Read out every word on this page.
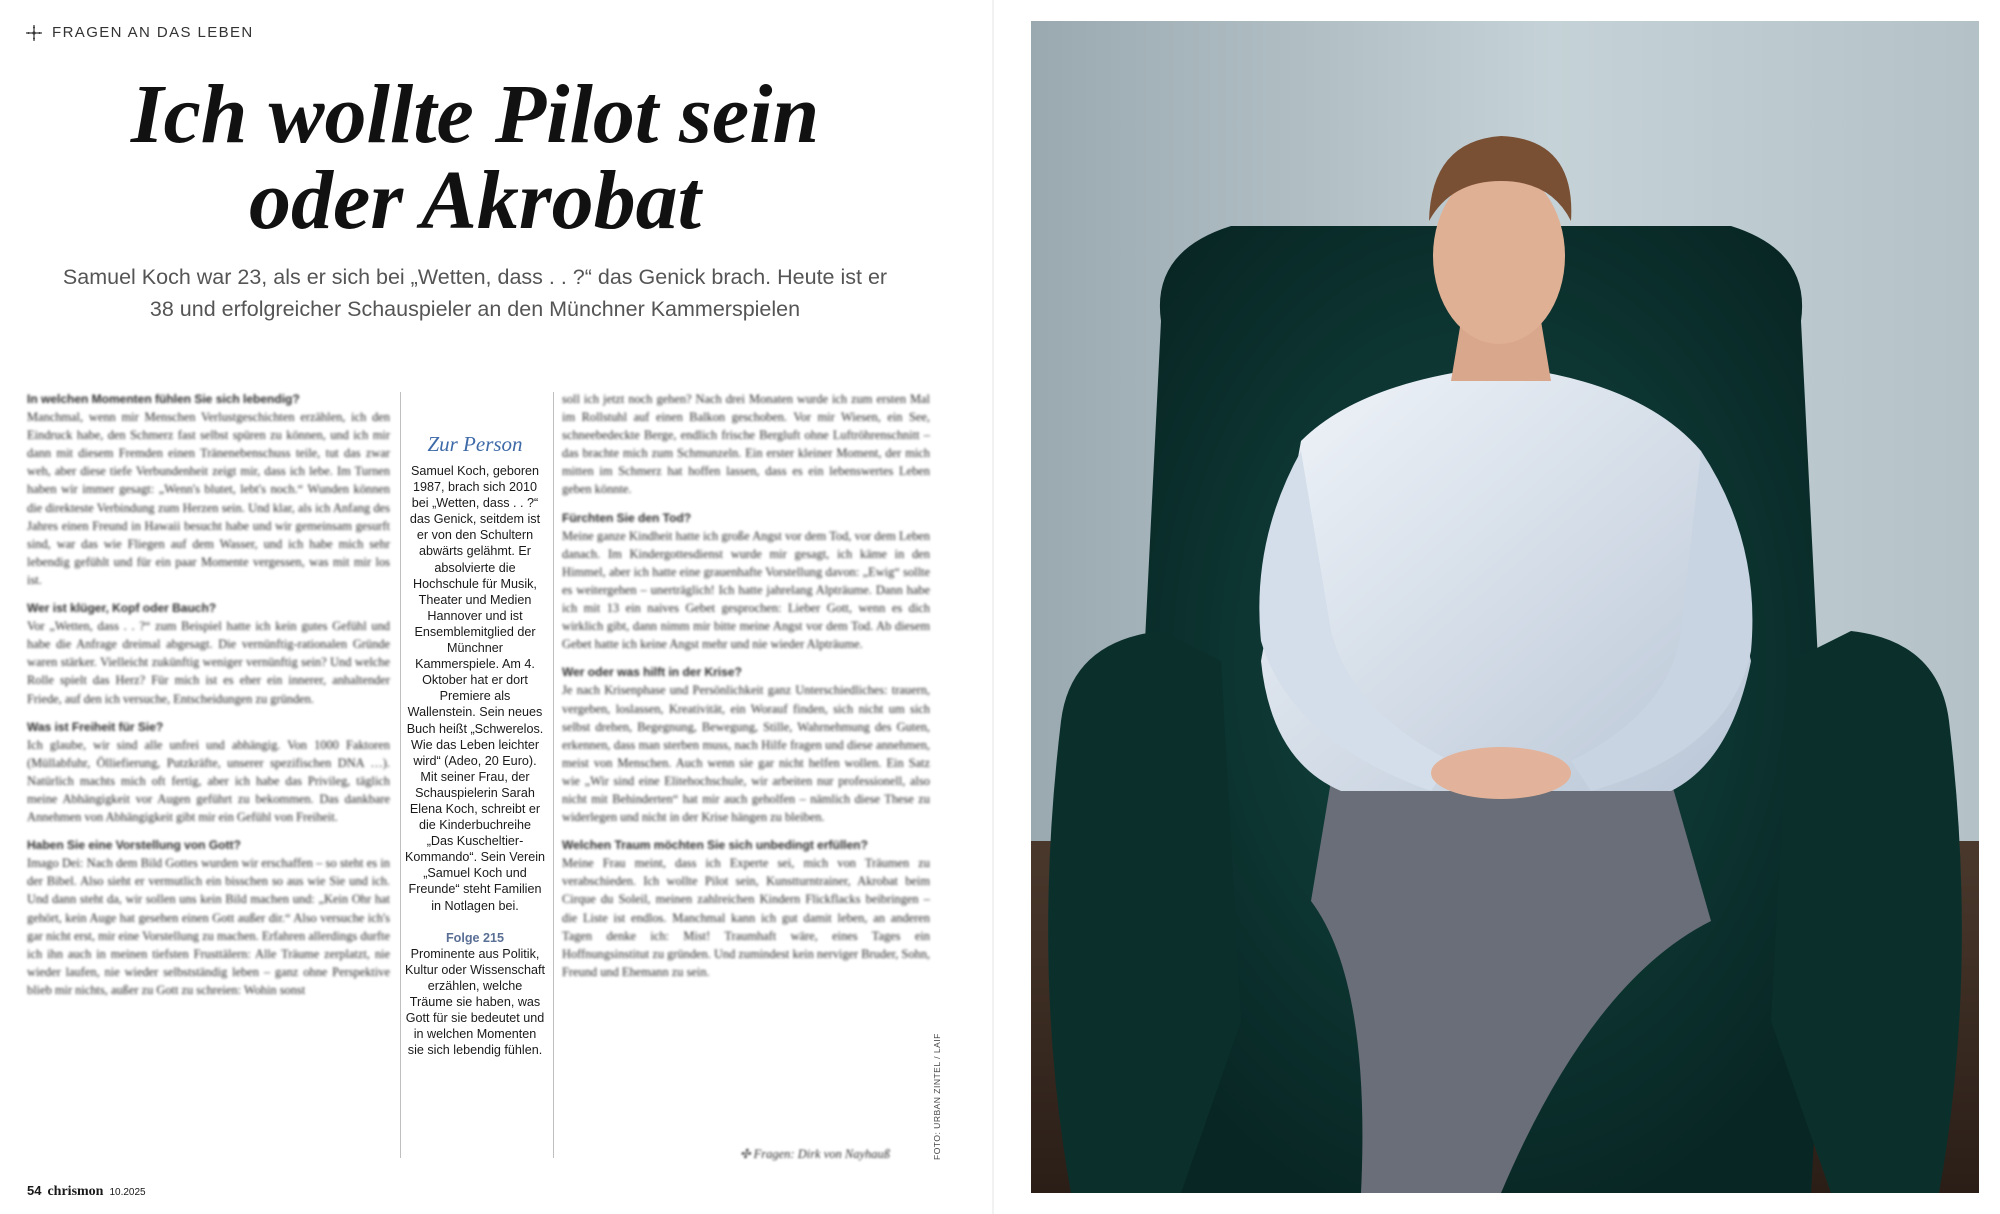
FRAGEN AN DAS LEBEN
Ich wollte Pilot sein
oder Akrobat

Samuel Koch war 23, als er sich bei „Wetten, dass . . ?“ das Genick brach. Heute ist er 38 und erfolgreicher Schauspieler an den Münchner Kammerspielen

In welchen Momenten fühlen Sie sich lebendig?

Manchmal, wenn mir Menschen Verlustgeschichten erzählen, ich den Eindruck habe, den Schmerz fast selbst spüren zu können, und ich mir dann mit diesem Fremden einen Tränenebenschuss teile, tut das zwar weh, aber diese tiefe Verbundenheit zeigt mir, dass ich lebe. Im Turnen haben wir immer gesagt: „Wenn's blutet, lebt's noch.“ Wunden können die direkteste Verbindung zum Herzen sein. Und klar, als ich Anfang des Jahres einen Freund in Hawaii besucht habe und wir gemeinsam gesurft sind, war das wie Fliegen auf dem Wasser, und ich habe mich sehr lebendig gefühlt und für ein paar Momente vergessen, was mit mir los ist.

Wer ist klüger, Kopf oder Bauch?

Vor „Wetten, dass . . ?“ zum Beispiel hatte ich kein gutes Gefühl und habe die Anfrage dreimal abgesagt. Die vernünftig-rationalen Gründe waren stärker. Vielleicht zukünftig weniger vernünftig sein? Und welche Rolle spielt das Herz? Für mich ist es eher ein innerer, anhaltender Friede, auf den ich versuche, Entscheidungen zu gründen.

Was ist Freiheit für Sie?

Ich glaube, wir sind alle unfrei und abhängig. Von 1000 Faktoren (Müllabfuhr, Ölliefierung, Putzkräfte, unserer spezifischen DNA …). Natürlich machts mich oft fertig, aber ich habe das Privileg, täglich meine Abhängigkeit vor Augen geführt zu bekommen. Das dankbare Annehmen von Abhängigkeit gibt mir ein Gefühl von Freiheit.

Haben Sie eine Vorstellung von Gott?

Imago Dei: Nach dem Bild Gottes wurden wir erschaffen – so steht es in der Bibel. Also sieht er vermutlich ein bisschen so aus wie Sie und ich. Und dann steht da, wir sollen uns kein Bild machen und: „Kein Ohr hat gehört, kein Auge hat gesehen einen Gott außer dir.“ Also versuche ich's gar nicht erst, mir eine Vorstellung zu machen. Erfahren allerdings durfte ich ihn auch in meinen tiefsten Frusttälern: Alle Träume zerplatzt, nie wieder laufen, nie wieder selbstständig leben – ganz ohne Perspektive blieb mir nichts, außer zu Gott zu schreien: Wohin sonst

Zur Person
Samuel Koch, geboren 1987, brach sich 2010 bei „Wetten, dass . . ?“ das Genick, seitdem ist er von den Schultern abwärts gelähmt. Er absolvierte die Hochschule für Musik, Theater und Medien Hannover und ist Ensemblemitglied der Münchner Kammerspiele. Am 4. Oktober hat er dort Premiere als Wallenstein. Sein neues Buch heißt „Schwerelos. Wie das Leben leichter wird“ (Adeo, 20 Euro). Mit seiner Frau, der Schauspielerin Sarah Elena Koch, schreibt er die Kinderbuchreihe „Das Kuscheltier-Kommando“. Sein Verein „Samuel Koch und Freunde“ steht Familien in Notlagen bei.
Folge 215
Prominente aus Politik, Kultur oder Wissenschaft erzählen, welche Träume sie haben, was Gott für sie bedeutet und in welchen Momenten sie sich lebendig fühlen.

soll ich jetzt noch gehen? Nach drei Monaten wurde ich zum ersten Mal im Rollstuhl auf einen Balkon geschoben. Vor mir Wiesen, ein See, schneebedeckte Berge, endlich frische Bergluft ohne Luftröhrenschnitt – das brachte mich zum Schmunzeln. Ein erster kleiner Moment, der mich mitten im Schmerz hat hoffen lassen, dass es ein lebenswertes Leben geben könnte.

Fürchten Sie den Tod?

Meine ganze Kindheit hatte ich große Angst vor dem Tod, vor dem Leben danach. Im Kindergottesdienst wurde mir gesagt, ich käme in den Himmel, aber ich hatte eine grauenhafte Vorstellung davon: „Ewig“ sollte es weitergehen – unerträglich! Ich hatte jahrelang Alpträume. Dann habe ich mit 13 ein naives Gebet gesprochen: Lieber Gott, wenn es dich wirklich gibt, dann nimm mir bitte meine Angst vor dem Tod. Ab diesem Gebet hatte ich keine Angst mehr und nie wieder Alpträume.

Wer oder was hilft in der Krise?

Je nach Krisenphase und Persönlichkeit ganz Unterschiedliches: trauern, vergeben, loslassen, Kreativität, ein Worauf finden, sich nicht um sich selbst drehen, Begegnung, Bewegung, Stille, Wahrnehmung des Guten, erkennen, dass man sterben muss, nach Hilfe fragen und diese annehmen, meist von Menschen. Auch wenn sie gar nicht helfen wollen. Ein Satz wie „Wir sind eine Elitehochschule, wir arbeiten nur professionell, also nicht mit Behinderten“ hat mir auch geholfen – nämlich diese These zu widerlegen und nicht in der Krise hängen zu bleiben.

Welchen Traum möchten Sie sich unbedingt erfüllen?

Meine Frau meint, dass ich Experte sei, mich von Träumen zu verabschieden. Ich wollte Pilot sein, Kunstturntrainer, Akrobat beim Cirque du Soleil, meinen zahlreichen Kindern Flickflacks beibringen – die Liste ist endlos. Manchmal kann ich gut damit leben, an anderen Tagen denke ich: Mist! Traumhaft wäre, eines Tages ein Hoffnungsinstitut zu gründen. Und zumindest kein nerviger Bruder, Sohn, Freund und Ehemann zu sein.

✣ Fragen: Dirk von Nayhauß	FOTO: URBAN ZINTEL / LAIF
54 chrismon 10.2025
